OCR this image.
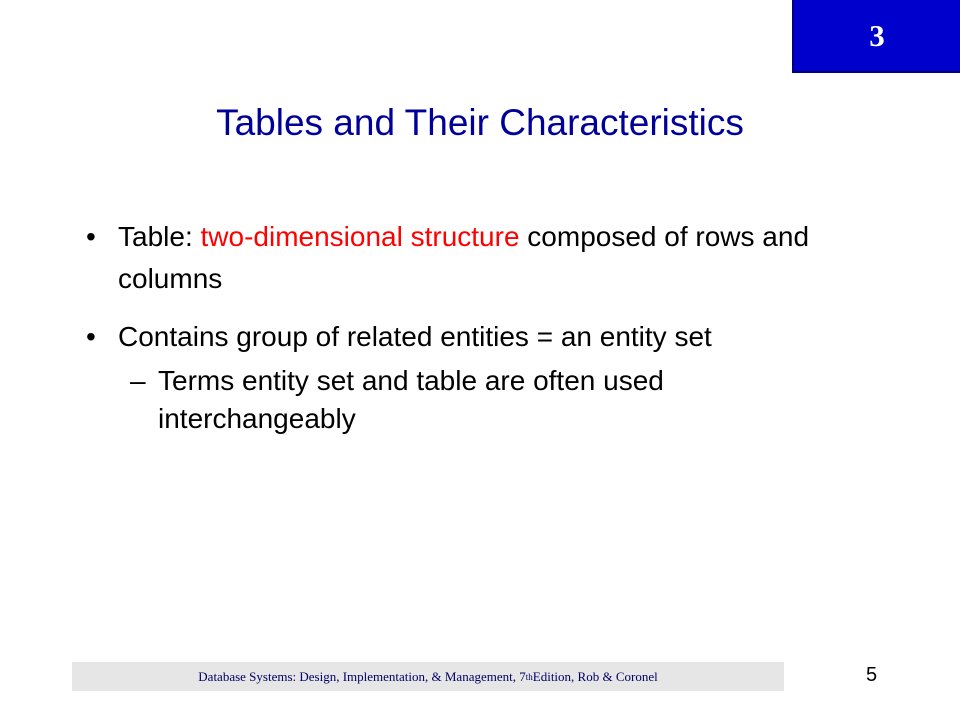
3
Tables and Their Characteristics
• Table: two-dimensional structure composed of rows and columns
• Contains group of related entities = an entity set
– Terms entity set and table are often used interchangeably
Database Systems: Design, Implementation, & Management, 7 th Edition, Rob & Coronel	5
